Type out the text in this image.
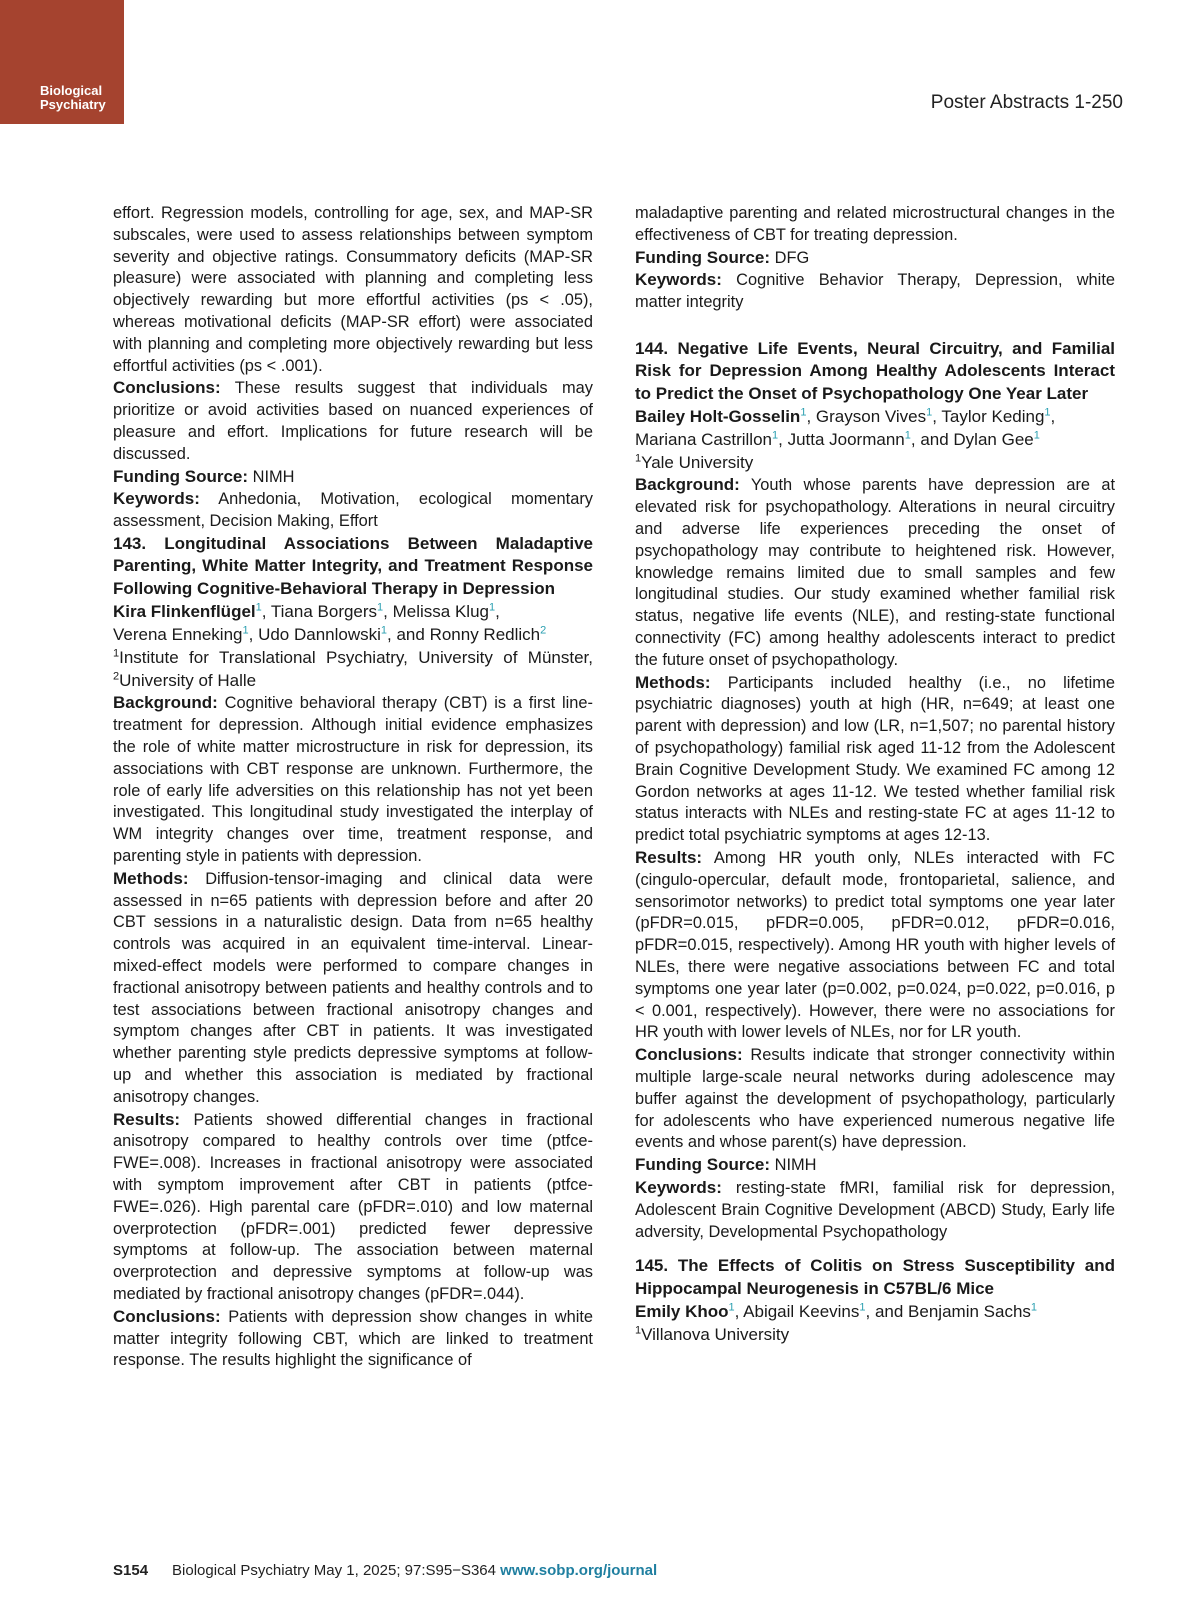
Biological
Psychiatry	Poster Abstracts 1-250

effort. Regression models, controlling for age, sex, and MAP-SR subscales, were used to assess relationships between symptom severity and objective ratings. Consummatory deficits (MAP-SR pleasure) were associated with planning and completing less objectively rewarding but more effortful activities (ps < .05), whereas motivational deficits (MAP-SR effort) were associated with planning and completing more objectively rewarding but less effortful activities (ps < .001).

Conclusions: These results suggest that individuals may prioritize or avoid activities based on nuanced experiences of pleasure and effort. Implications for future research will be discussed.

Funding Source: NIMH

Keywords: Anhedonia, Motivation, ecological momentary assessment, Decision Making, Effort

143. Longitudinal Associations Between Maladaptive Parenting, White Matter Integrity, and Treatment Response Following Cognitive-Behavioral Therapy in Depression

Kira Flinkenflügel$^1$, Tiana Borgers$^1$, Melissa Klug$^1$,
Verena Enneking$^1$, Udo Dannlowski$^1$, and Ronny Redlich$^2$

$^1$Institute for Translational Psychiatry, University of Münster, $^2$University of Halle

Background: Cognitive behavioral therapy (CBT) is a first line-treatment for depression. Although initial evidence emphasizes the role of white matter microstructure in risk for depression, its associations with CBT response are unknown. Furthermore, the role of early life adversities on this relationship has not yet been investigated. This longitudinal study investigated the interplay of WM integrity changes over time, treatment response, and parenting style in patients with depression.

Methods: Diffusion-tensor-imaging and clinical data were assessed in n=65 patients with depression before and after 20 CBT sessions in a naturalistic design. Data from n=65 healthy controls was acquired in an equivalent time-interval. Linear-mixed-effect models were performed to compare changes in fractional anisotropy between patients and healthy controls and to test associations between fractional anisotropy changes and symptom changes after CBT in patients. It was investigated whether parenting style predicts depressive symptoms at follow-up and whether this association is mediated by fractional anisotropy changes.

Results: Patients showed differential changes in fractional anisotropy compared to healthy controls over time (ptfce-FWE=.008). Increases in fractional anisotropy were associated with symptom improvement after CBT in patients (ptfce-FWE=.026). High parental care (pFDR=.010) and low maternal overprotection (pFDR=.001) predicted fewer depressive symptoms at follow-up. The association between maternal overprotection and depressive symptoms at follow-up was mediated by fractional anisotropy changes (pFDR=.044).

Conclusions: Patients with depression show changes in white matter integrity following CBT, which are linked to treatment response. The results highlight the significance of

maladaptive parenting and related microstructural changes in the effectiveness of CBT for treating depression.

Funding Source: DFG

Keywords: Cognitive Behavior Therapy, Depression, white matter integrity

144. Negative Life Events, Neural Circuitry, and Familial Risk for Depression Among Healthy Adolescents Interact to Predict the Onset of Psychopathology One Year Later

Bailey Holt-Gosselin$^1$, Grayson Vives$^1$, Taylor Keding$^1$,
Mariana Castrillon$^1$, Jutta Joormann$^1$, and Dylan Gee$^1$

$^1$Yale University

Background: Youth whose parents have depression are at elevated risk for psychopathology. Alterations in neural circuitry and adverse life experiences preceding the onset of psychopathology may contribute to heightened risk. However, knowledge remains limited due to small samples and few longitudinal studies. Our study examined whether familial risk status, negative life events (NLE), and resting-state functional connectivity (FC) among healthy adolescents interact to predict the future onset of psychopathology.

Methods: Participants included healthy (i.e., no lifetime psychiatric diagnoses) youth at high (HR, n=649; at least one parent with depression) and low (LR, n=1,507; no parental history of psychopathology) familial risk aged 11-12 from the Adolescent Brain Cognitive Development Study. We examined FC among 12 Gordon networks at ages 11-12. We tested whether familial risk status interacts with NLEs and resting-state FC at ages 11-12 to predict total psychiatric symptoms at ages 12-13.

Results: Among HR youth only, NLEs interacted with FC (cingulo-opercular, default mode, frontoparietal, salience, and sensorimotor networks) to predict total symptoms one year later (pFDR=0.015, pFDR=0.005, pFDR=0.012, pFDR=0.016, pFDR=0.015, respectively). Among HR youth with higher levels of NLEs, there were negative associations between FC and total symptoms one year later (p=0.002, p=0.024, p=0.022, p=0.016, p < 0.001, respectively). However, there were no associations for HR youth with lower levels of NLEs, nor for LR youth.

Conclusions: Results indicate that stronger connectivity within multiple large-scale neural networks during adolescence may buffer against the development of psychopathology, particularly for adolescents who have experienced numerous negative life events and whose parent(s) have depression.

Funding Source: NIMH

Keywords: resting-state fMRI, familial risk for depression, Adolescent Brain Cognitive Development (ABCD) Study, Early life adversity, Developmental Psychopathology

145. The Effects of Colitis on Stress Susceptibility and Hippocampal Neurogenesis in C57BL/6 Mice

Emily Khoo$^1$, Abigail Keevins$^1$, and Benjamin Sachs$^1$

$^1$Villanova University

S154 Biological Psychiatry May 1, 2025; 97:S95−S364 www.sobp.org/journal
